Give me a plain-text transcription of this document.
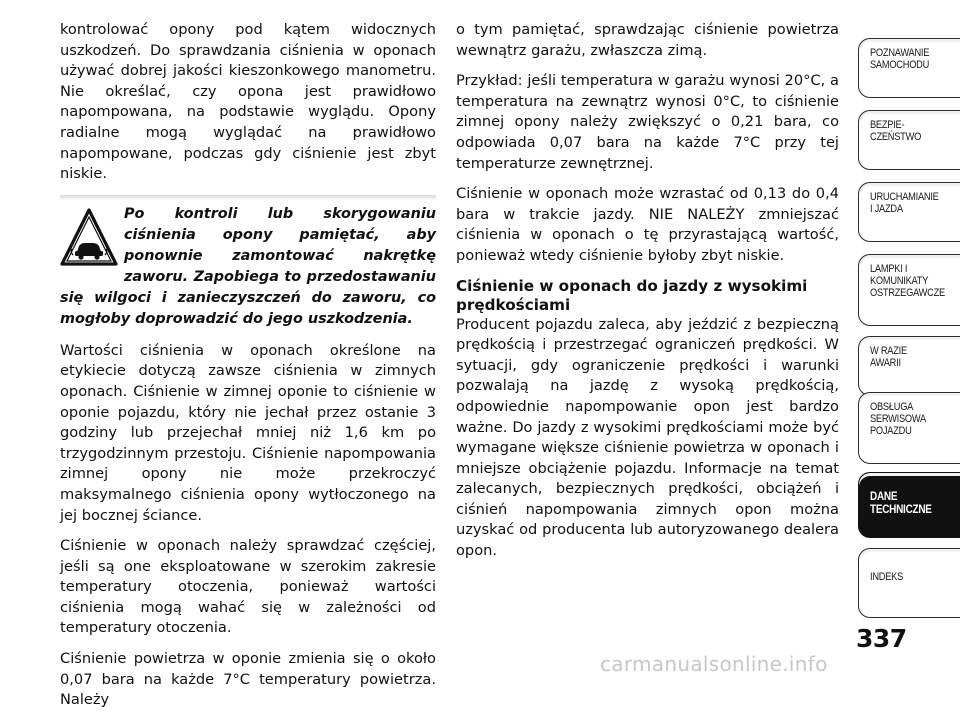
kontrolować opony pod kątem widocznych uszkodzeń. Do sprawdzania ciśnienia w oponach używać dobrej jakości kieszonkowego manometru. Nie określać, czy opona jest prawidłowo napompowana, na podstawie wyglądu. Opony radialne mogą wyglądać na prawidłowo napompowane, podczas gdy ciśnienie jest zbyt niskie.

Po kontroli lub skorygowaniu ciśnienia opony pamiętać, aby ponownie zamontować nakrętkę zaworu. Zapobiega to przedostawaniu się wilgoci i zanieczyszczeń do zaworu, co mogłoby doprowadzić do jego uszkodzenia.

Wartości ciśnienia w oponach określone na etykiecie dotyczą zawsze ciśnienia w zimnych oponach. Ciśnienie w zimnej oponie to ciśnienie w oponie pojazdu, który nie jechał przez ostanie 3 godziny lub przejechał mniej niż 1,6 km po trzygodzinnym przestoju. Ciśnienie napompowania zimnej opony nie może przekroczyć maksymalnego ciśnienia opony wytłoczonego na jej bocznej ściance.

Ciśnienie w oponach należy sprawdzać częściej, jeśli są one eksploatowane w szerokim zakresie temperatury otoczenia, ponieważ wartości ciśnienia mogą wahać się w zależności od temperatury otoczenia.

Ciśnienie powietrza w oponie zmienia się o około 0,07 bara na każde 7°C temperatury powietrza. Należy

o tym pamiętać, sprawdzając ciśnienie powietrza wewnątrz garażu, zwłaszcza zimą.

Przykład: jeśli temperatura w garażu wynosi 20°C, a temperatura na zewnątrz wynosi 0°C, to ciśnienie zimnej opony należy zwiększyć o 0,21 bara, co odpowiada 0,07 bara na każde 7°C przy tej temperaturze zewnętrznej.

Ciśnienie w oponach może wzrastać od 0,13 do 0,4 bara w trakcie jazdy. NIE NALEŻY zmniejszać ciśnienia w oponach o tę przyrastającą wartość, ponieważ wtedy ciśnienie byłoby zbyt niskie.

Ciśnienie w oponach do jazdy z wysokimi prędkościami

Producent pojazdu zaleca, aby jeździć z bezpieczną prędkością i przestrzegać ograniczeń prędkości. W sytuacji, gdy ograniczenie prędkości i warunki pozwalają na jazdę z wysoką prędkością, odpowiednie napompowanie opon jest bardzo ważne. Do jazdy z wysokimi prędkościami może być wymagane większe ciśnienie powietrza w oponach i mniejsze obciążenie pojazdu. Informacje na temat zalecanych, bezpiecznych prędkości, obciążeń i ciśnień napompowania zimnych opon można uzyskać od producenta lub autoryzowanego dealera opon.

POZNAWANIE
SAMOCHODU
BEZPIE-
CZEŃSTWO
URUCHAMIANIE
I JAZDA
LAMPKI I
KOMUNIKATY
OSTRZEGAWCZE
W RAZIE
AWARII
OBSŁUGA
SERWISOWA
POJAZDU
DANE
TECHNICZNE
INDEKS
337
carmanualsonline.info
